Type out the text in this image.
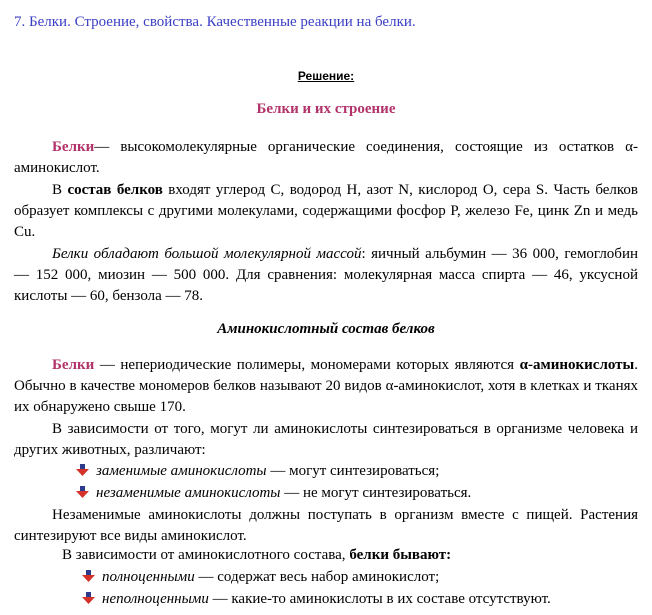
7. Белки. Строение, свойства. Качественные реакции на белки.
Решение:
Белки и их строение

Белки— высокомолекулярные органические соединения, состоящие из остатков α-аминокислот.

В состав белков входят углерод C, водород H, азот N, кислород O, сера S. Часть белков образует комплексы с другими молекулами, содержащими фосфор P, железо Fe, цинк Zn и медь Cu.

Белки обладают большой молекулярной массой: яичный альбумин — 36 000, гемоглобин — 152 000, миозин — 500 000. Для сравнения: молекулярная масса спирта — 46, уксусной кислоты — 60, бензола — 78.

Аминокислотный состав белков

Белки — непериодические полимеры, мономерами которых являются α-аминокислоты. Обычно в качестве мономеров белков называют 20 видов α-аминокислот, хотя в клетках и тканях их обнаружено свыше 170.

В зависимости от того, могут ли аминокислоты синтезироваться в организме человека и других животных, различают:

заменимые аминокислоты — могут синтезироваться;
незаменимые аминокислоты — не могут синтезироваться.

Незаменимые аминокислоты должны поступать в организм вместе с пищей. Растения синтезируют все виды аминокислот.

В зависимости от аминокислотного состава, белки бывают:

полноценными — содержат весь набор аминокислот;
неполноценными — какие-то аминокислоты в их составе отсутствуют.
